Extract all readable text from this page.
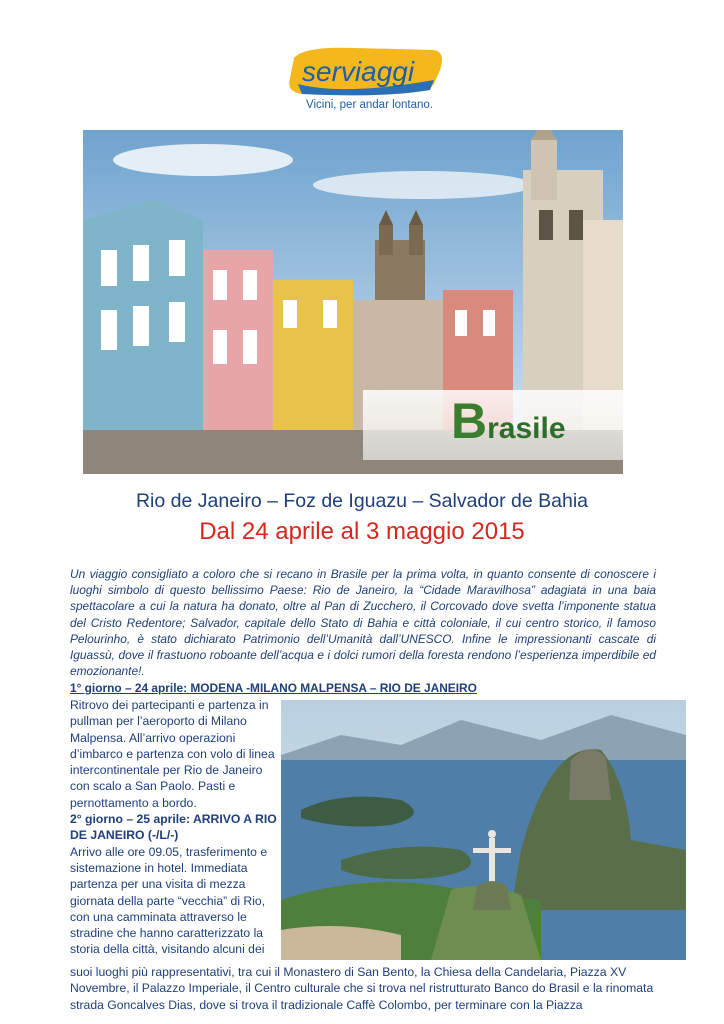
serviaggi
Vicini, per andar lontano.
Brasile
Rio de Janeiro – Foz de Iguazu – Salvador de Bahia
Dal 24 aprile al 3 maggio 2015
Un viaggio consigliato a coloro che si recano in Brasile per la prima volta, in quanto consente di conoscere i luoghi simbolo di questo bellissimo Paese: Rio de Janeiro, la “Cidade Maravilhosa” adagiata in una baia spettacolare a cui la natura ha donato, oltre al Pan di Zucchero, il Corcovado dove svetta l’imponente statua del Cristo Redentore; Salvador, capitale dello Stato di Bahia e città coloniale, il cui centro storico, il famoso Pelourinho, è stato dichiarato Patrimonio dell’Umanità dall’UNESCO. Infine le impressionanti cascate di Iguassù, dove il frastuono roboante dell’acqua e i dolci rumori della foresta rendono l’esperienza imperdibile ed emozionante!.
1° giorno – 24 aprile: MODENA -MILANO MALPENSA – RIO DE JANEIRO

Ritrovo dei partecipanti e partenza in pullman per l’aeroporto di Milano Malpensa. All’arrivo operazioni d’imbarco e partenza con volo di linea intercontinentale per Rio de Janeiro con scalo a San Paolo. Pasti e pernottamento a bordo.

2° giorno – 25 aprile: ARRIVO A RIO DE JANEIRO (-/L/-)

Arrivo alle ore 09.05, trasferimento e sistemazione in hotel. Immediata partenza per una visita di mezza giornata della parte “vecchia” di Rio, con una camminata attraverso le stradine che hanno caratterizzato la storia della città, visitando alcuni dei

suoi luoghi più rappresentativi, tra cui il Monastero di San Bento, la Chiesa della Candelaria, Piazza XV Novembre, il Palazzo Imperiale, il Centro culturale che si trova nel ristrutturato Banco do Brasil e la rinomata strada Goncalves Dias, dove si trova il tradizionale Caffè Colombo, per terminare con la Piazza
